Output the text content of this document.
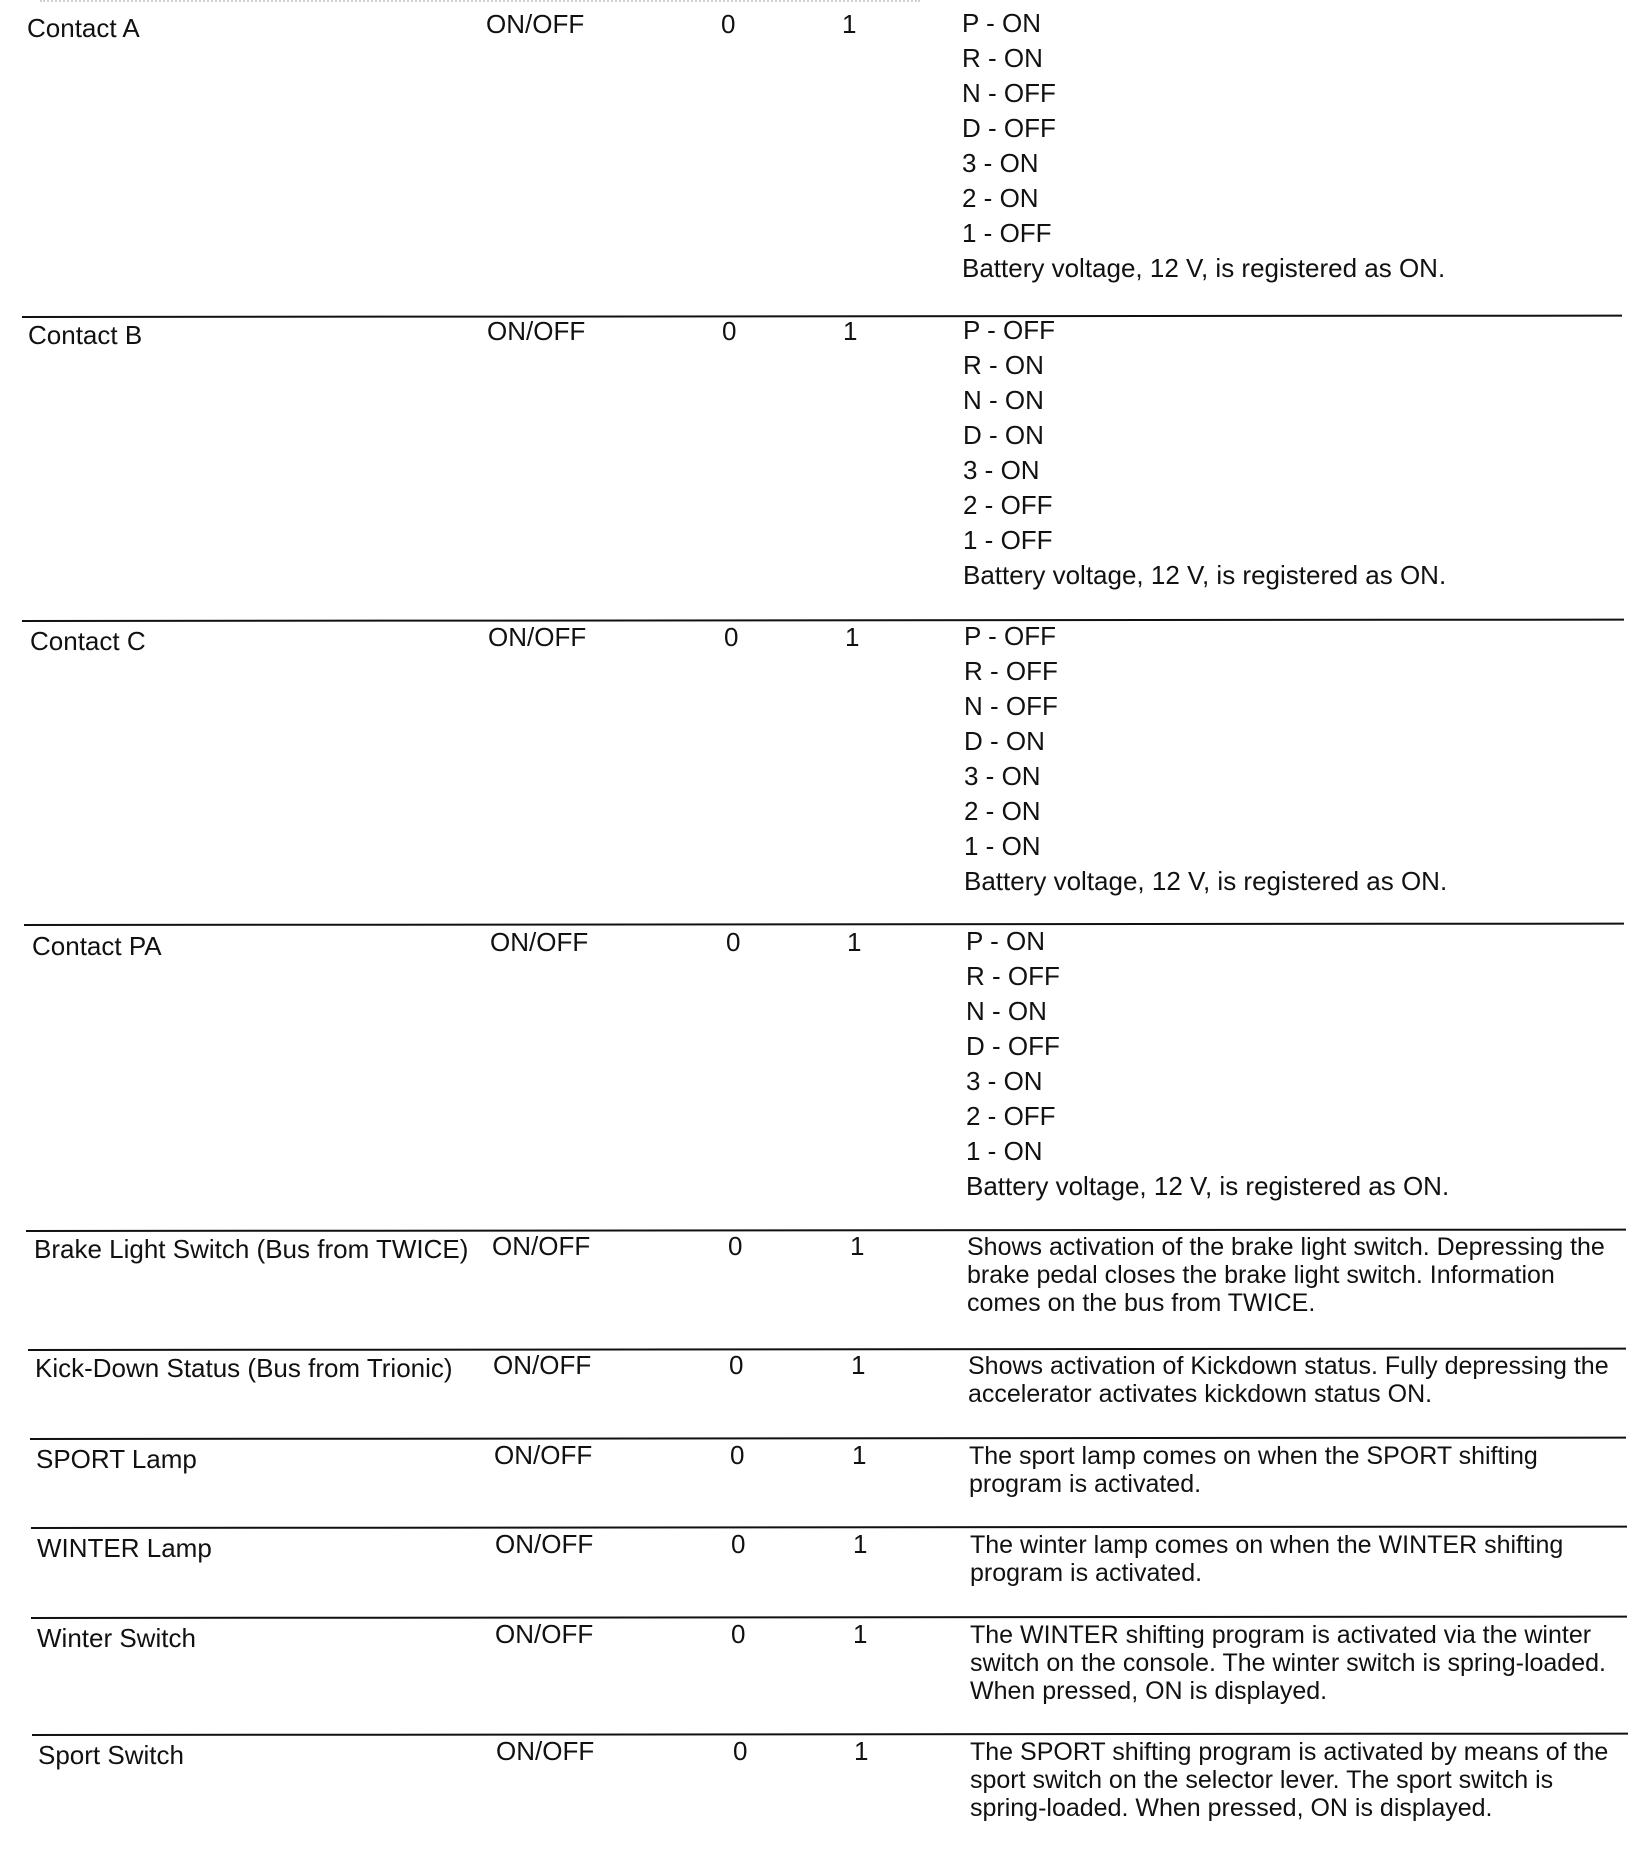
Contact A	ON/OFF	0	1	P - ON
R - ON
N - OFF
D - OFF
3 - ON
2 - ON
1 - OFF
Battery voltage, 12 V, is registered as ON.
Contact B	ON/OFF	0	1	P - OFF
R - ON
N - ON
D - ON
3 - ON
2 - OFF
1 - OFF
Battery voltage, 12 V, is registered as ON.
Contact C	ON/OFF	0	1	P - OFF
R - OFF
N - OFF
D - ON
3 - ON
2 - ON
1 - ON
Battery voltage, 12 V, is registered as ON.
Contact PA	ON/OFF	0	1	P - ON
R - OFF
N - ON
D - OFF
3 - ON
2 - OFF
1 - ON
Battery voltage, 12 V, is registered as ON.
Brake Light Switch (Bus from TWICE) ON/OFF	0	1	Shows activation of the brake light switch. Depressing the brake pedal closes the brake light switch. Information comes on the bus from TWICE.
Kick-Down Status (Bus from Trionic) ON/OFF	0	1	Shows activation of Kickdown status. Fully depressing the accelerator activates kickdown status ON.
SPORT Lamp	ON/OFF	0	1	The sport lamp comes on when the SPORT shifting program is activated.
WINTER Lamp	ON/OFF	0	1	The winter lamp comes on when the WINTER shifting program is activated.
Winter Switch	ON/OFF	0	1	The WINTER shifting program is activated via the winter switch on the console. The winter switch is spring-loaded. When pressed, ON is displayed.
Sport Switch	ON/OFF	0	1	The SPORT shifting program is activated by means of the sport switch on the selector lever. The sport switch is spring-loaded. When pressed, ON is displayed.
